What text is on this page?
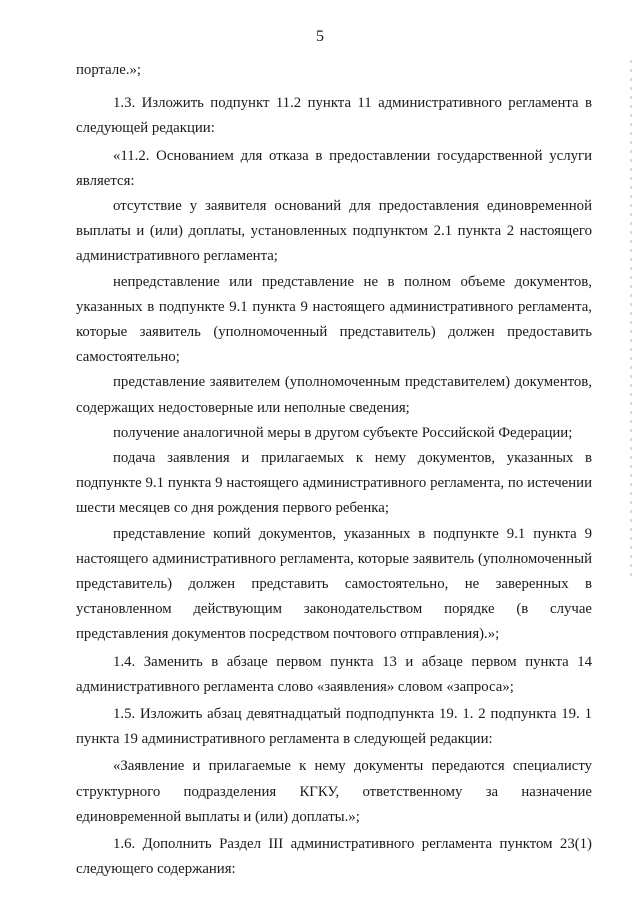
5

порталe.»;

1.3. Изложить подпункт 11.2 пункта 11 административного регламента в следующей редакции:

«11.2. Основанием для отказа в предоставлении государственной услуги является:

отсутствие у заявителя оснований для предоставления единовременной выплаты и (или) доплаты, установленных подпунктом 2.1 пункта 2 настоящего административного регламента;

непредставление или представление не в полном объеме документов, указанных в подпункте 9.1 пункта 9 настоящего административного регламента, которые заявитель (уполномоченный представитель) должен предоставить самостоятельно;

представление заявителем (уполномоченным представителем) документов, содержащих недостоверные или неполные сведения;

получение аналогичной меры в другом субъекте Российской Федерации;

подача заявления и прилагаемых к нему документов, указанных в подпункте 9.1 пункта 9 настоящего административного регламента, по истечении шести месяцев со дня рождения первого ребенка;

представление копий документов, указанных в подпункте 9.1 пункта 9 настоящего административного регламента, которые заявитель (уполномоченный представитель) должен представить самостоятельно, не заверенных в установленном действующим законодательством порядке (в случае представления документов посредством почтового отправления).»;

1.4. Заменить в абзаце первом пункта 13 и абзаце первом пункта 14 административного регламента слово «заявления» словом «запроса»;

1.5. Изложить абзац девятнадцатый подподпункта 19. 1. 2 подпункта 19. 1 пункта 19 административного регламента в следующей редакции:

«Заявление и прилагаемые к нему документы передаются специалисту структурного подразделения КГКУ, ответственному за назначение единовременной выплаты и (или) доплаты.»;

1.6. Дополнить Раздел III административного регламента пунктом 23(1) следующего содержания:
